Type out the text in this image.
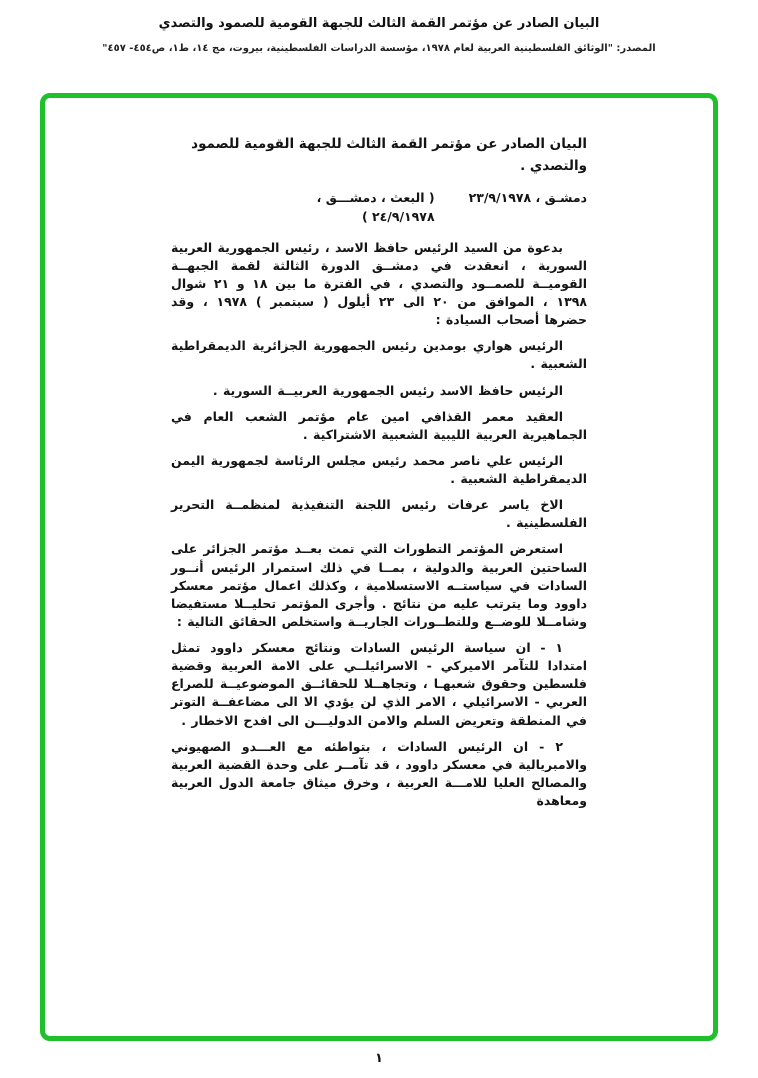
البيان الصادر عن مؤتمر القمة الثالث للجبهة القومية للصمود والتصدي
المصدر: "الوثائق الفلسطينية العربية لعام ١٩٧٨، مؤسسة الدراسات الفلسطينية، بيروت، مج ١٤، ط١، ص٤٥٤- ٤٥٧"
البيان الصادر عن مؤتمر القمة الثالث للجبهة القومية للصمود والتصدي .
دمشـق ، ٢٣/٩/١٩٧٨
( البعث ، دمشـــق ، ٢٤/٩/١٩٧٨ )
بدعوة من السيد الرئيس حافظ الاسد ، رئيس الجمهورية العربية السورية ، انعقدت في دمشــق الدورة الثالثة لقمة الجبهــة القوميــة للصمــود والتصدي ، في الفترة ما بين ١٨ و ٢١ شوال ١٣٩٨ ، الموافق من ٢٠ الى ٢٣ أيلول ( سبتمبر ) ١٩٧٨ ، وقد حضرها أصحاب السيادة :
الرئيس هواري بومدين رئيس الجمهورية الجزائرية الديمقراطية الشعبية .
الرئيس حافظ الاسد رئيس الجمهورية العربيــة السورية .
العقيد معمر القذافي امين عام مؤتمر الشعب العام في الجماهيرية العربية الليبية الشعبية الاشتراكية .
الرئيس علي ناصر محمد رئيس مجلس الرئاسة لجمهورية اليمن الديمقراطية الشعبية .
الاخ ياسر عرفات رئيس اللجنة التنفيذية لمنظمــة التحرير الفلسطينية .
استعرض المؤتمر التطورات التي تمت بعــد مؤتمر الجزائر على الساحتين العربية والدولية ، بمــا في ذلك استمرار الرئيس أنــور السادات في سياستــه الاستسلامية ، وكذلك اعمال مؤتمر معسكر داوود وما يترتب عليه من نتائج . وأجرى المؤتمر تحليــلا مستفيضا وشامــلا للوضــع وللتطــورات الجاريــة واستخلص الحقائق التالية :
١ - ان سياسة الرئيس السادات ونتائج معسكر داوود تمثل امتدادا للتآمر الاميركي - الاسرائيلــي على الامة العربية وقضية فلسطين وحقوق شعبهـا ، وتجاهــلا للحقائــق الموضوعيــة للصراع العربي - الاسرائيلي ، الامر الذي لن يؤدي الا الى مضاعفــة التوتر في المنطقة وتعريض السلم والامن الدوليـــن الى افدح الاخطار .
٢ - ان الرئيس السادات ، بتواطئه مع العـــدو الصهيوني والامبريالية في معسكر داوود ، قد تآمــر على وحدة القضية العربية والمصالح العليا للامـــة العربية ، وخرق ميثاق جامعة الدول العربية ومعاهدة
١
